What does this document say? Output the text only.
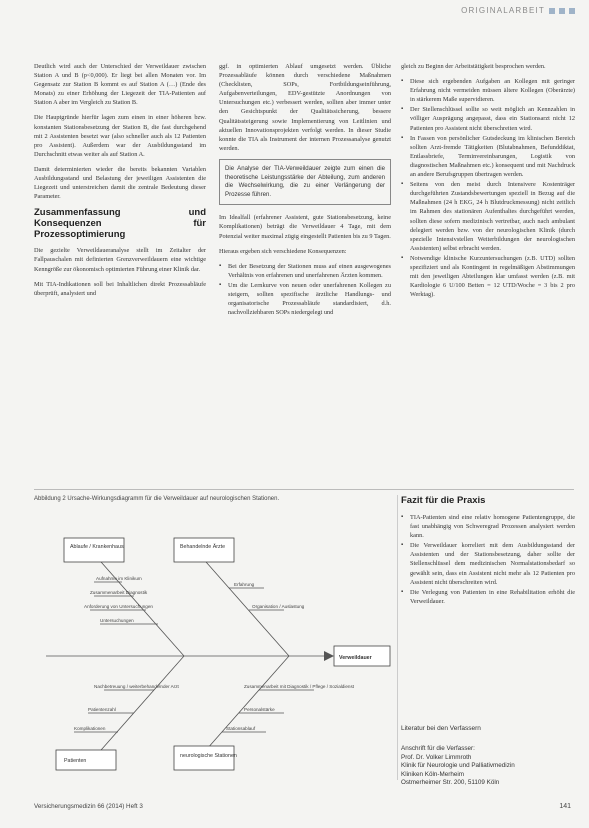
ORIGINALARBEIT

Deutlich wird auch der Unterschied der Verweildauer zwischen Station A und B (p<0,000). Er liegt bei allen Monaten vor. Im Gegensatz zur Station B kommt es auf Station A (…) (Ende des Monats) zu einer Erhöhung der Liegezeit der TIA-Patienten auf Station A aber im Vergleich zu Station B.

Die Hauptgründe hierfür lagen zum einen in einer höheren bzw. konstanten Stationsbesetzung der Station B, die fast durchgehend mit 2 Assistenten besetzt war (also schneller auch als 12 Patienten pro Assistent). Außerdem war der Ausbildungsstand im Durchschnitt etwas weiter als auf Station A.

Damit determinierten wieder die bereits bekannten Variablen Ausbildungsstand und Belastung der jeweiligen Assistenten die Liegezeit und unterstreichen damit die zentrale Bedeutung dieser Parameter.

Zusammenfassung und Konsequenzen für Prozessoptimierung

Die gezielte Verweildaueranalyse stellt im Zeitalter der Fallpauschalen mit definierten Grenzverweildauern eine wichtige Kenngröße zur ökonomisch optimierten Führung einer Klinik dar.

Mit TIA-Indikationen soll bei Inhaltlichen direkt Prozessabläufe überprüft, analysiert und

ggf. in optimierten Ablauf umgesetzt werden. Übliche Prozessabläufe können durch verschiedene Maßnahmen (Checklisten, SOPs, Fortbildungseinführung, Aufgabenverteilungen, EDV-gestützte Anordnungen von Untersuchungen etc.) verbessert werden, sollten aber immer unter den Gesichtspunkt der Qualitätssicherung, bessere Qualitätssteigerung sowie Implementierung von Leitlinien und aktuellen Innovationsprojekten verfolgt werden. In dieser Studie konnte die TIA als Instrument der internen Prozessanalyse genutzt werden.

Die Analyse der TIA-Verweildauer zeigte zum einen die theoretische Leistungsstärke der Abteilung, zum anderen die Wechselwirkung, die zu einer Verlängerung der Prozesse führen.

Im Idealfall (erfahrener Assistent, gute Stationsbesetzung, keine Komplikationen) beträgt die Verweildauer 4 Tage, mit dem Potenzial weiter maximal zügig eingestellt Patienten bis zu 9 Tagen.

Hieraus ergeben sich verschiedene Konsequenzen:

▪ Bei der Besetzung der Stationen muss auf einen ausgewogenes Verhältnis von erfahrenen und unerfahrenen Ärzten kommen.
▪ Um die Lernkurve von neuen oder unerfahrenen Kollegen zu steigern, sollten spezifische ärztliche Handlungs- und organisatorische Prozessabläufe standardisiert, d.h. nachvollziehbaren SOPs niedergelegt und

gleich zu Beginn der Arbeitstätigkeit besprochen werden.

▪ Diese sich ergebenden Aufgaben an Kollegen mit geringer Erfahrung nicht vermeiden müssen ältere Kollegen (Oberärzte) in stärkerem Maße supervidieren.
▪ Der Stellenschlüssel sollte so weit möglich an Kennzahlen in völliger Ausprägung angepasst, dass ein Stationsarzt nicht 12 Patienten pro Assistent nicht überschreiten wird.
▪ In Fassen von persönlicher Gutsdeckung im klinischen Bereich sollten Arzt-fremde Tätigkeiten (Blutabnahmen, Befunddiktat, Entlassbriefe, Terminvereinbarungen, Logistik von diagnostischen Maßnahmen etc.) konsequent und mit Nachdruck an andere Berufsgruppen übertragen werden.
▪ Seitens von den meist durch Intensivere Kostenträger durchgeführten Zustandsbewertungen speziell in Bezug auf die Maßnahmen (24 h EKG, 24 h Blutdruckmessung) nicht zeitlich im Rahmen des stationären Aufenthaltes durchgeführt werden, sollten diese sofern medizinisch vertretbar, auch nach ambulant delegiert werden bzw. von der neurologischen Klinik (durch spezielle Intensivstellen Weiterbildungen der neurologischen Assistenten) selbst erbracht werden.
▪ Notwendige klinische Kurzuntersuchungen (z.B. UTD) sollten spezifiziert und als Kontingent in regelmäßigen Abstimmungen mit den jeweiligen Abteilungen klar umfasst werden (z.B. mit Kardiologie 6 U/100 Betten = 12 UTD/Woche = 3 bis 2 pro Werktag).
Abbildung 2 Ursache-Wirkungsdiagramm für die Verweildauer auf neurologischen Stationen.
Ablaufe / Krankenhaus	Behandelnde Ärzte
Patienten
neurologische Stationen
Verweildauer
Aufnahme im Klinikum
Zusammenarbeit Diagnostik
Anforderung von Untersuchungen
Untersuchungen
Erfahrung
Organisation / Auslastung
Nachbetreuung / weiterbehandelnder Arzt
Patientenzahl
Komplikationen
Zusammenarbeit mit Diagnostik / Pflege / Sozialdienst
Personalstärke
Stationsablauf
Fazit für die Praxis
▪ TIA-Patienten sind eine relativ homogene Patientengruppe, die fast unabhängig von Schweregrad Prozessen analysiert werden kann.
▪ Die Verweildauer korreliert mit dem Ausbildungsstand der Assistenten und der Stationsbesetzung, daher sollte der Stellenschlüssel dem medizinischen Normalstationsbedarf so gewählt sein, dass ein Assistent nicht mehr als 12 Patienten pro Assistent nicht überschreiten wird.
▪ Die Verlegung von Patienten in eine Rehabilitation erhöht die Verweildauer.
Literatur bei den Verfassern
Anschrift für die Verfasser:
Prof. Dr. Volker Limmroth
Klinik für Neurologie und Palliativmedizin
Kliniken Köln-Merheim
Ostmerheimer Str. 200, 51109 Köln
Versicherungsmedizin 66 (2014) Heft 3	141
